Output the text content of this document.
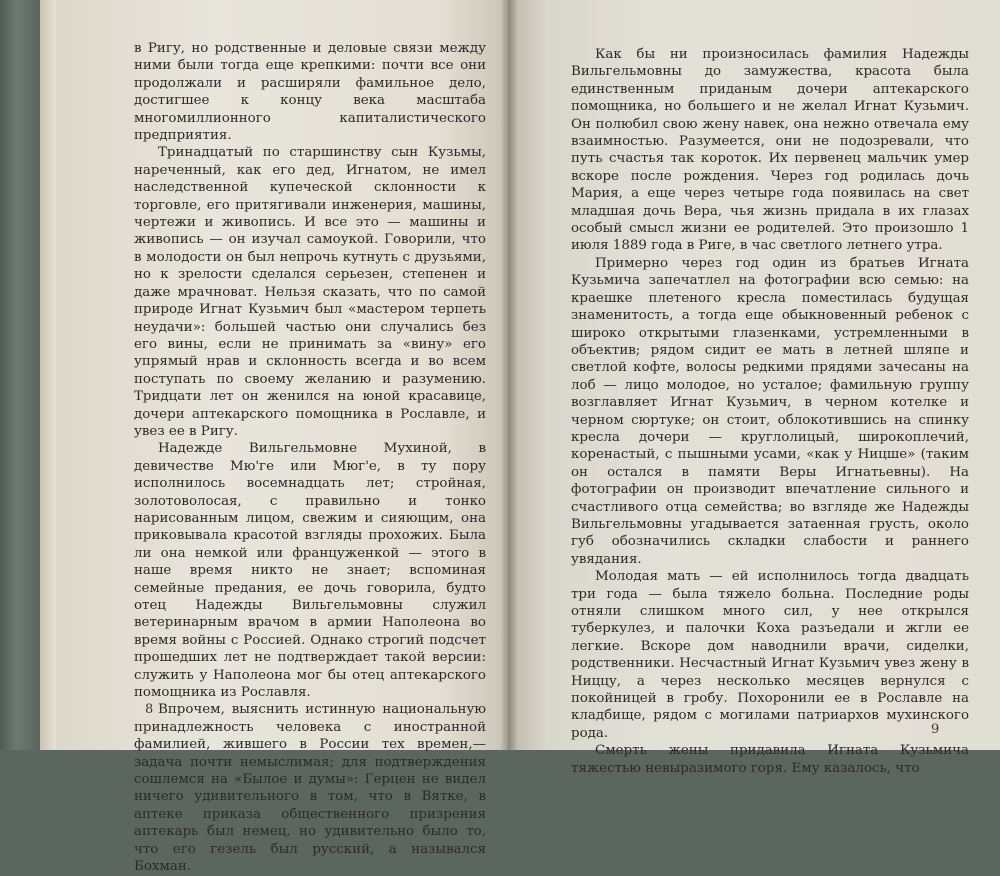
в Ригу, но родственные и деловые связи между ними были тогда еще крепкими: почти все они продолжали и расширяли фамильное дело, достигшее к концу века масштаба многомиллионного капиталистического предприятия.

Тринадцатый по старшинству сын Кузьмы, нареченный, как его дед, Игнатом, не имел наследственной купеческой склонности к торговле, его притягивали инженерия, машины, чертежи и живопись. И все это — машины и живопись — он изучал самоукой. Говорили, что в молодости он был непрочь кутнуть с друзьями, но к зрелости сделался серьезен, степенен и даже мрачноват. Нельзя сказать, что по самой природе Игнат Кузьмич был «мастером терпеть неудачи»: большей частью они случались без его вины, если не принимать за «вину» его упрямый нрав и склонность всегда и во всем поступать по своему желанию и разумению. Тридцати лет он женился на юной красавице, дочери аптекарского помощника в Рославле, и увез ее в Ригу.

Надежде Вильгельмовне Мухиной, в девичестве Мю'ге или Мюг'е, в ту пору исполнилось восемнадцать лет; стройная, золотоволосая, с правильно и тонко нарисованным лицом, свежим и сияющим, она приковывала красотой взгляды прохожих. Была ли она немкой или француженкой — этого в наше время никто не знает; вспоминая семейные предания, ее дочь говорила, будто отец Надежды Вильгельмовны служил ветеринарным врачом в армии Наполеона во время войны с Россией. Однако строгий подсчет прошедших лет не подтверждает такой версии: служить у Наполеона мог бы отец аптекарского помощника из Рославля.

Впрочем, выяснить истинную национальную принадлежность человека с иностранной фамилией, жившего в России тех времен,— задача почти немыслимая; для подтверждения сошлемся на «Былое и думы»: Герцен не видел ничего удивительного в том, что в Вятке, в аптеке приказа общественного призрения аптекарь был немец, но удивительно было то, что его гезель был русский, а назывался Бохман.

8

Как бы ни произносилась фамилия Надежды Вильгельмовны до замужества, красота была единственным приданым дочери аптекарского помощника, но большего и не желал Игнат Кузьмич. Он полюбил свою жену навек, она нежно отвечала ему взаимностью. Разумеется, они не подозревали, что путь счастья так короток. Их первенец мальчик умер вскоре после рождения. Через год родилась дочь Мария, а еще через четыре года появилась на свет младшая дочь Вера, чья жизнь придала в их глазах особый смысл жизни ее родителей. Это произошло 1 июля 1889 года в Риге, в час светлого летнего утра.

Примерно через год один из братьев Игната Кузьмича запечатлел на фотографии всю семью: на краешке плетеного кресла поместилась будущая знаменитость, а тогда еще обыкновенный ребенок с широко открытыми глазенками, устремленными в объектив; рядом сидит ее мать в летней шляпе и светлой кофте, волосы редкими прядями зачесаны на лоб — лицо молодое, но усталое; фамильную группу возглавляет Игнат Кузьмич, в черном котелке и черном сюртуке; он стоит, облокотившись на спинку кресла дочери — круглолицый, широкоплечий, коренастый, с пышными усами, «как у Ницше» (таким он остался в памяти Веры Игнатьевны). На фотографии он производит впечатление сильного и счастливого отца семейства; во взгляде же Надежды Вильгельмовны угадывается затаенная грусть, около губ обозначились складки слабости и раннего увядания.

Молодая мать — ей исполнилось тогда двадцать три года — была тяжело больна. Последние роды отняли слишком много сил, у нее открылся туберкулез, и палочки Коха разъедали и жгли ее легкие. Вскоре дом наводнили врачи, сиделки, родственники. Несчастный Игнат Кузьмич увез жену в Ниццу, а через несколько месяцев вернулся с покойницей в гробу. Похоронили ее в Рославле на кладбище, рядом с могилами патриархов мухинского рода.

Смерть жены придавила Игната Кузьмича тяжестью невыразимого горя. Ему казалось, что

9
